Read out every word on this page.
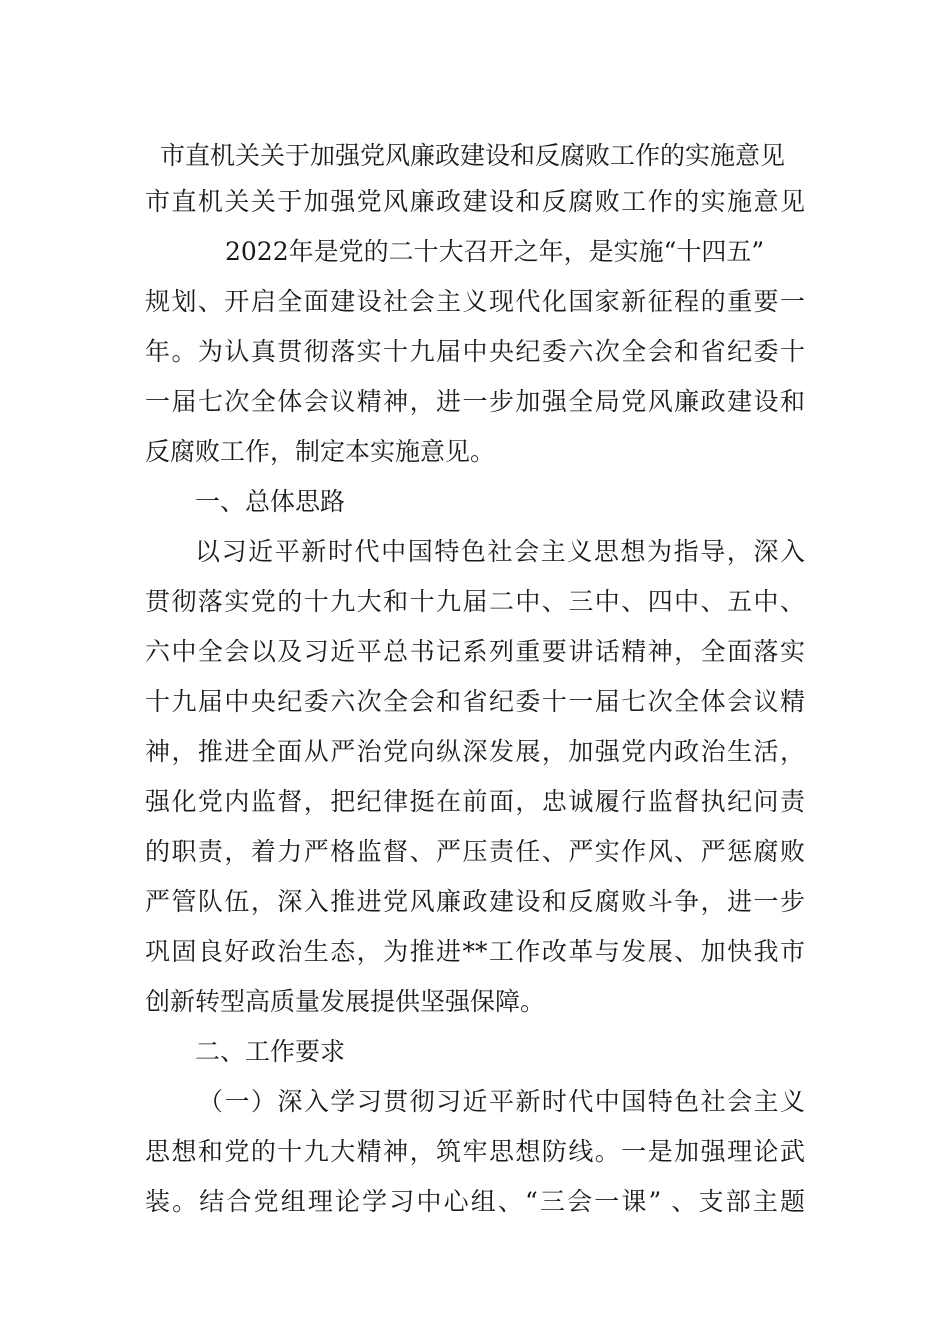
市直机关关于加强党风廉政建设和反腐败工作的实施意见
市直机关关于加强党风廉政建设和反腐败工作的实施意见
2022年是党的二十大召开之年，是实施“十四五”
规划、开启全面建设社会主义现代化国家新征程的重要一
年。为认真贯彻落实十九届中央纪委六次全会和省纪委十
一届七次全体会议精神，进一步加强全局党风廉政建设和
反腐败工作，制定本实施意见。
一、总体思路
以习近平新时代中国特色社会主义思想为指导，深入
贯彻落实党的十九大和十九届二中、三中、四中、五中、
六中全会以及习近平总书记系列重要讲话精神，全面落实
十九届中央纪委六次全会和省纪委十一届七次全体会议精
神，推进全面从严治党向纵深发展，加强党内政治生活，
强化党内监督，把纪律挺在前面，忠诚履行监督执纪问责
的职责，着力严格监督、严压责任、严实作风、严惩腐败
严管队伍，深入推进党风廉政建设和反腐败斗争，进一步
巩固良好政治生态，为推进**工作改革与发展、加快我市
创新转型高质量发展提供坚强保障。
二、工作要求
（一）深入学习贯彻习近平新时代中国特色社会主义
思想和党的十九大精神，筑牢思想防线。一是加强理论武
装。结合党组理论学习中心组、“三会一课” 、支部主题
